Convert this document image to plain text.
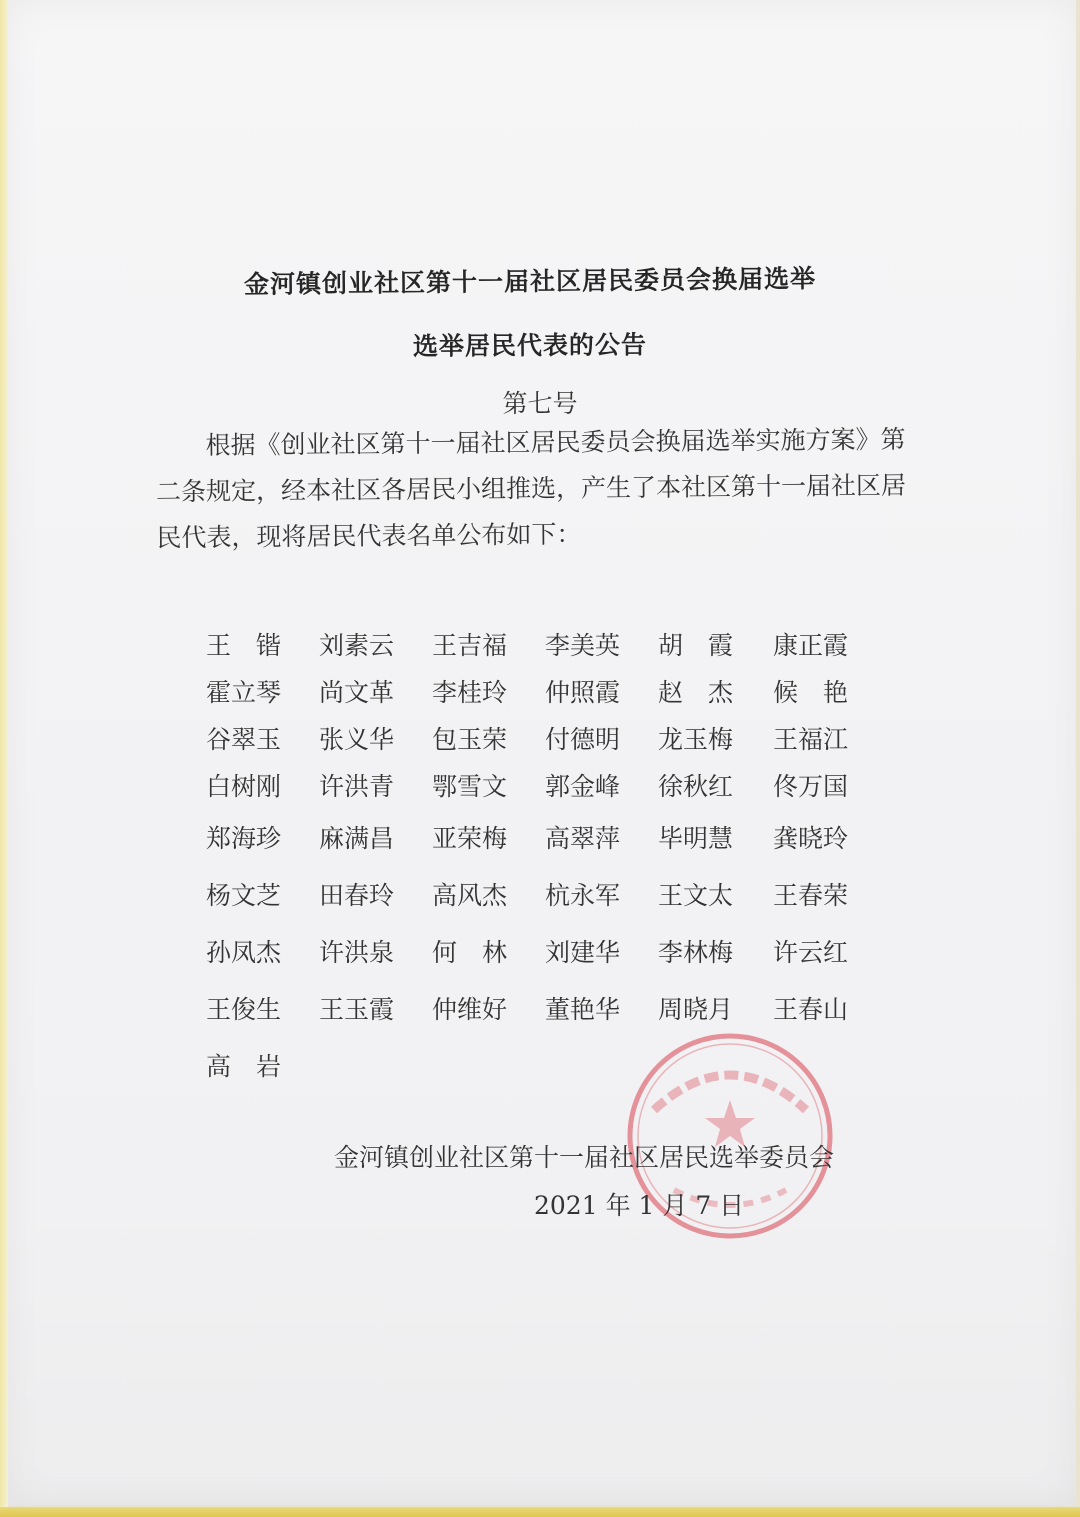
金河镇创业社区第十一届社区居民委员会换届选举
选举居民代表的公告
第七号
根据《创业社区第十一届社区居民委员会换届选举实施方案》第二条规定，经本社区各居民小组推选，产生了本社区第十一届社区居民代表，现将居民代表名单公布如下：
王　锴	刘素云	王吉福	李美英	胡　霞	康正霞
霍立琴	尚文革	李桂玲	仲照霞	赵　杰	候　艳
谷翠玉	张义华	包玉荣	付德明	龙玉梅	王福江
白树刚	许洪青	鄂雪文	郭金峰	徐秋红	佟万国
郑海珍	麻满昌	亚荣梅	高翠萍	毕明慧	龚晓玲
杨文芝	田春玲	高风杰	杭永军	王文太	王春荣
孙凤杰	许洪泉	何　林	刘建华	李林梅	许云红
王俊生	王玉霞	仲维好	董艳华	周晓月	王春山
高　岩
金河镇创业社区第十一届社区居民选举委员会
2021 年 1 月 7 日
